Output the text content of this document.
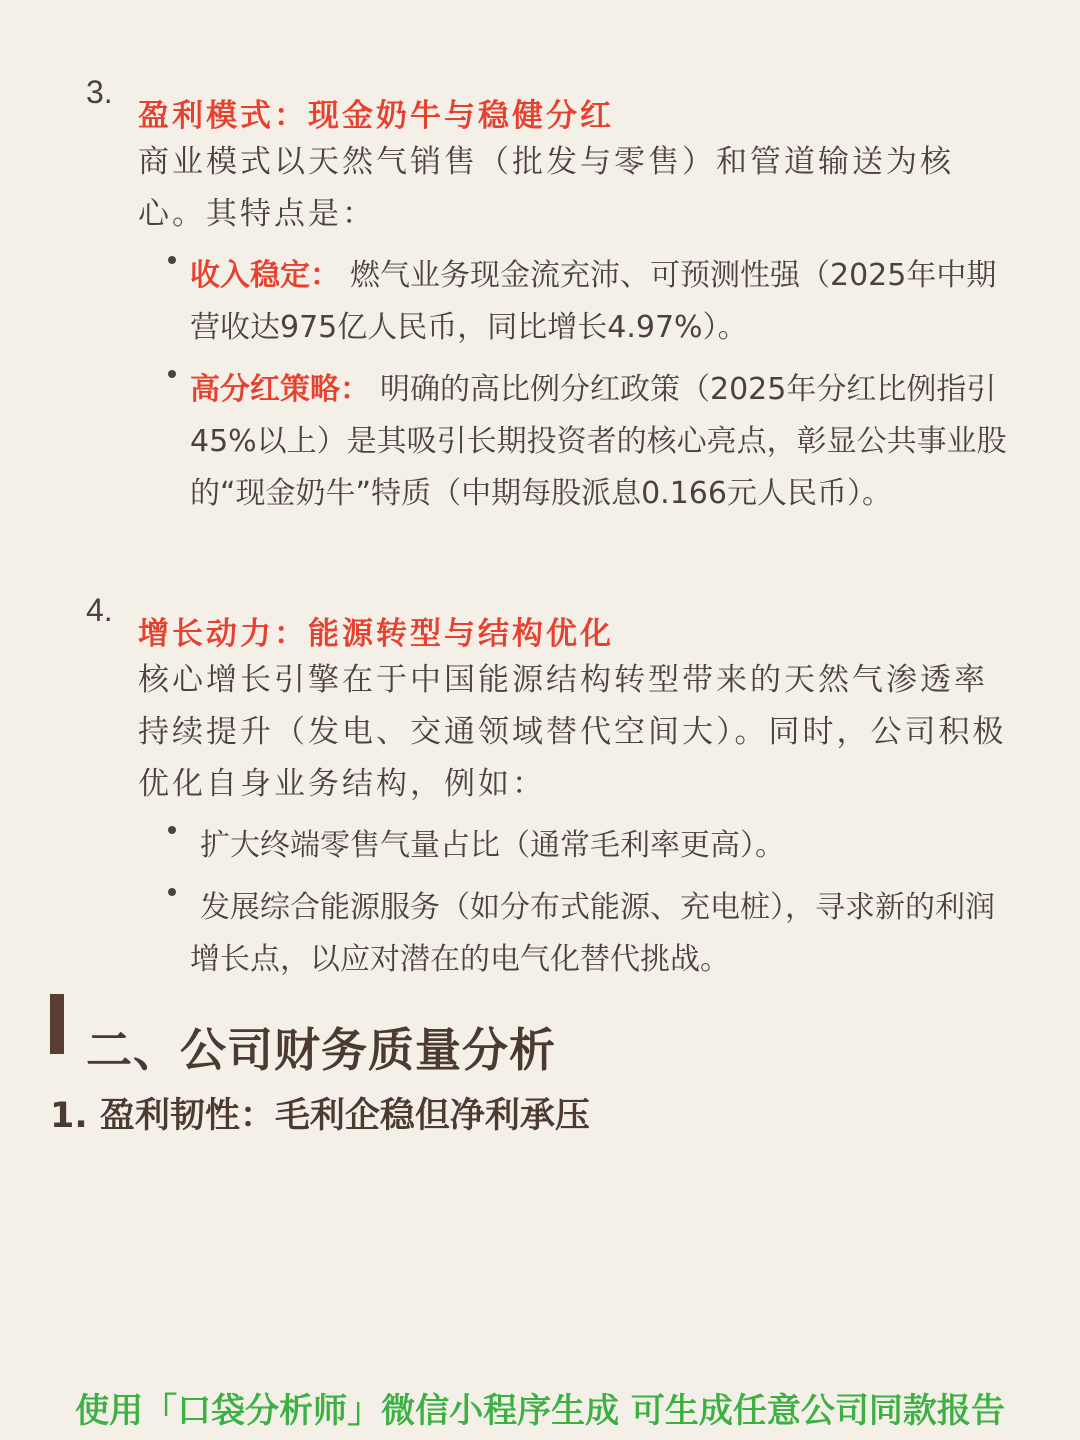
3.
盈利模式：现金奶牛与稳健分红
商业模式以天然气销售（批发与零售）和管道输送为核心。其特点是：
收入稳定： 燃气业务现金流充沛、可预测性强（2025年中期营收达975亿人民币，同比增长4.97%）。
高分红策略： 明确的高比例分红政策（2025年分红比例指引45%以上）是其吸引长期投资者的核心亮点，彰显公共事业股的“现金奶牛”特质（中期每股派息0.166元人民币）。
4.
增长动力：能源转型与结构优化
核心增长引擎在于中国能源结构转型带来的天然气渗透率持续提升（发电、交通领域替代空间大）。同时，公司积极优化自身业务结构，例如：
扩大终端零售气量占比（通常毛利率更高）。
发展综合能源服务（如分布式能源、充电桩），寻求新的利润增长点，以应对潜在的电气化替代挑战。
二、公司财务质量分析
1. 盈利韧性：毛利企稳但净利承压
使用「口袋分析师」微信小程序生成 可生成任意公司同款报告
